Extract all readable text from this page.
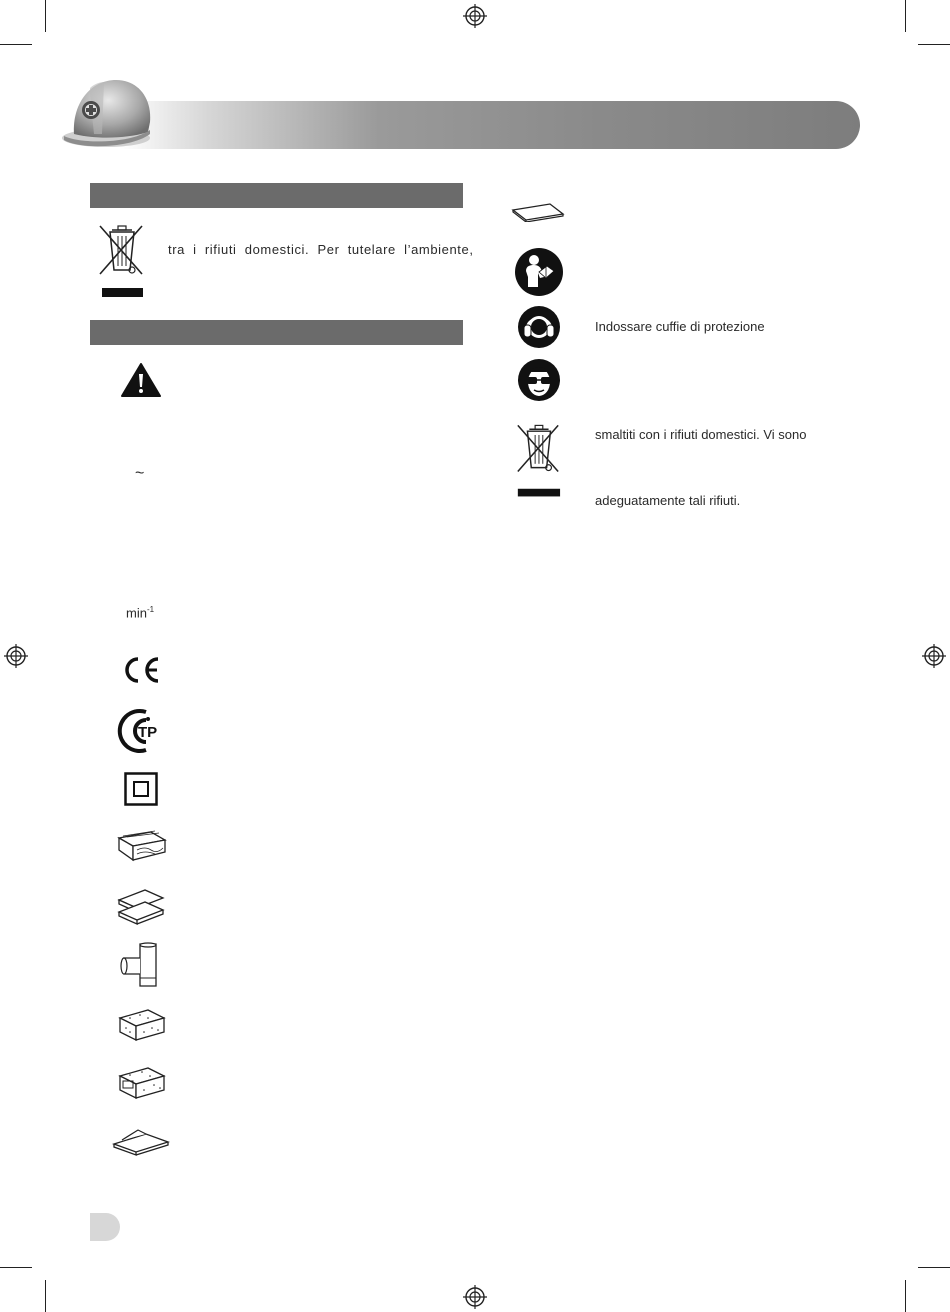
tra i rifiuti domestici. Per tutelare l’ambiente,
~
$\min^{-1}$
TP
Indossare cuffie di protezione
smaltiti con i rifiuti domestici. Vi sono
adeguatamente tali rifiuti.
